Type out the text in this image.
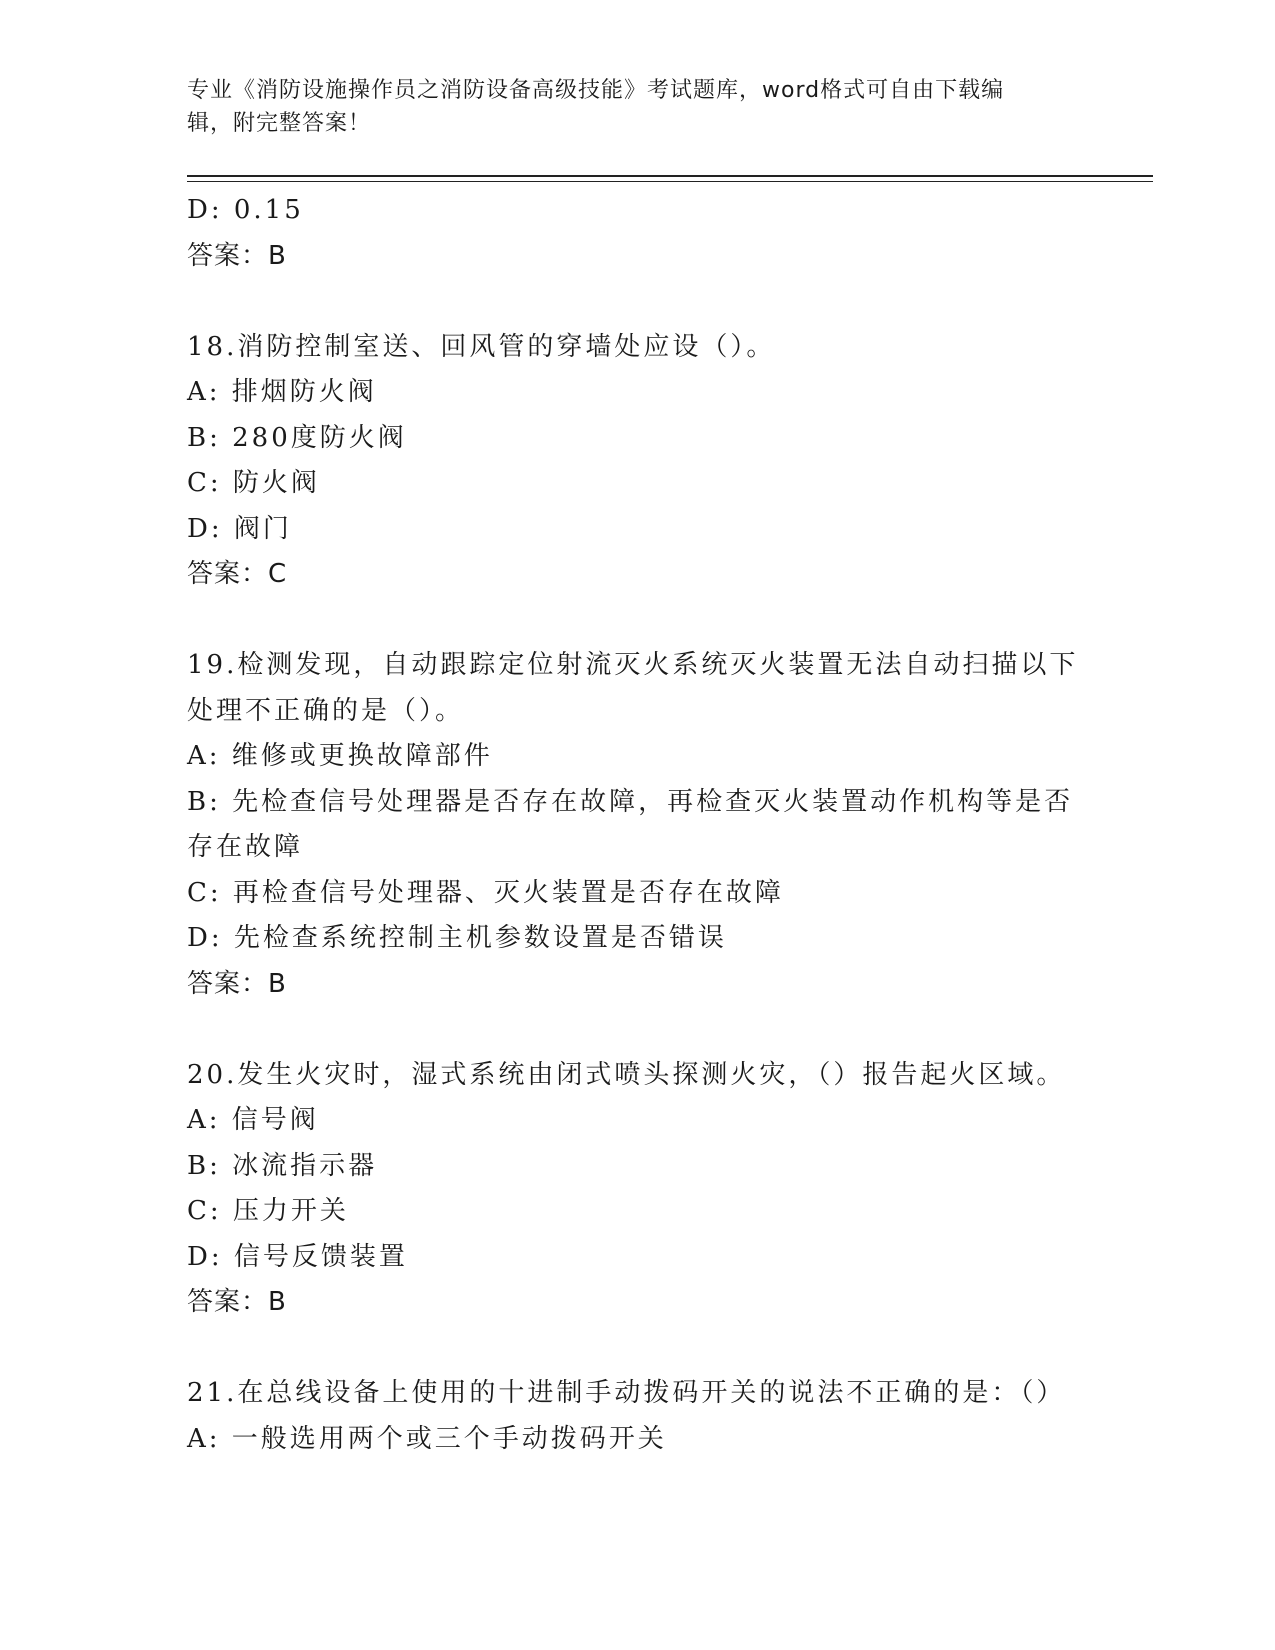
专业《消防设施操作员之消防设备高级技能》考试题库，word格式可自由下载编
辑，附完整答案！
D: 0.15
答案：B
18.消防控制室送、回风管的穿墙处应设（）。
A: 排烟防火阀
B: 280度防火阀
C: 防火阀
D: 阀门
答案：C
19.检测发现，自动跟踪定位射流灭火系统灭火装置无法自动扫描以下
处理不正确的是（）。
A: 维修或更换故障部件
B: 先检查信号处理器是否存在故障，再检查灭火装置动作机构等是否
存在故障
C: 再检查信号处理器、灭火装置是否存在故障
D: 先检查系统控制主机参数设置是否错误
答案：B
20.发生火灾时，湿式系统由闭式喷头探测火灾，（）报告起火区域。
A: 信号阀
B: 冰流指示器
C: 压力开关
D: 信号反馈装置
答案：B
21.在总线设备上使用的十进制手动拨码开关的说法不正确的是：（）
A: 一般选用两个或三个手动拨码开关
